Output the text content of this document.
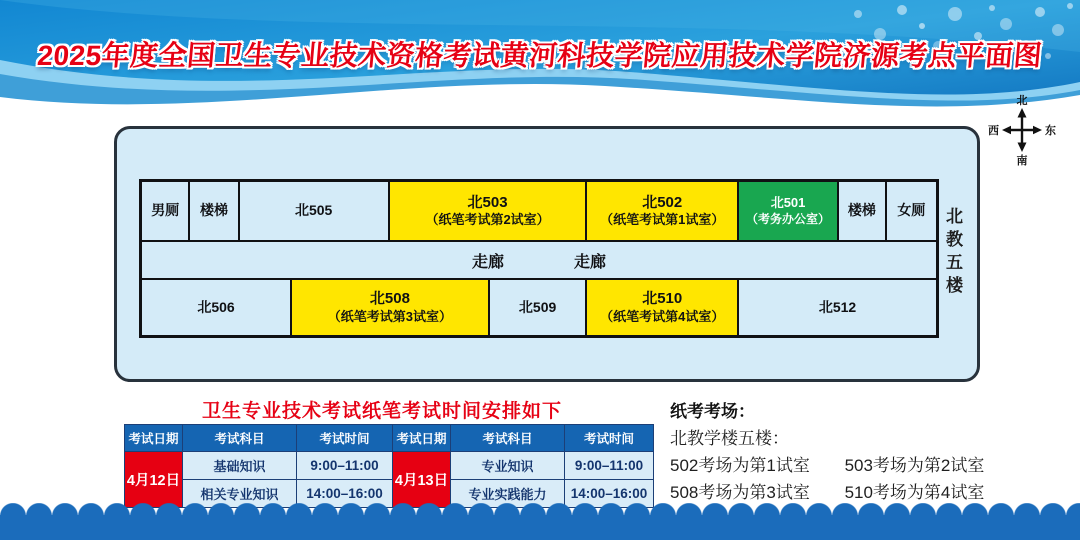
2025年度全国卫生专业技术资格考试黄河科技学院应用技术学院济源考点平面图
北
南
西	东
男厕 楼梯	北505	北503
（纸笔考试第2试室）
北502
（纸笔考试第1试室）
北501
（考务办公室）
楼梯 女厕
走廊	走廊
北506	北508
（纸笔考试第3试室）
北509	北510
（纸笔考试第4试室）
北512
北教五楼
卫生专业技术考试纸笔考试时间安排如下
考试日期	考试科目	考试时间	考试日期	考试科目	考试时间
4月12日
基础知识	9:00–11:00
相关专业知识	14:00–16:00
4月13日
专业知识	9:00–11:00
专业实践能力	14:00–16:00
纸考考场：
北教学楼五楼：
502考场为第1试室 503考场为第2试室
508考场为第3试室 510考场为第4试室
